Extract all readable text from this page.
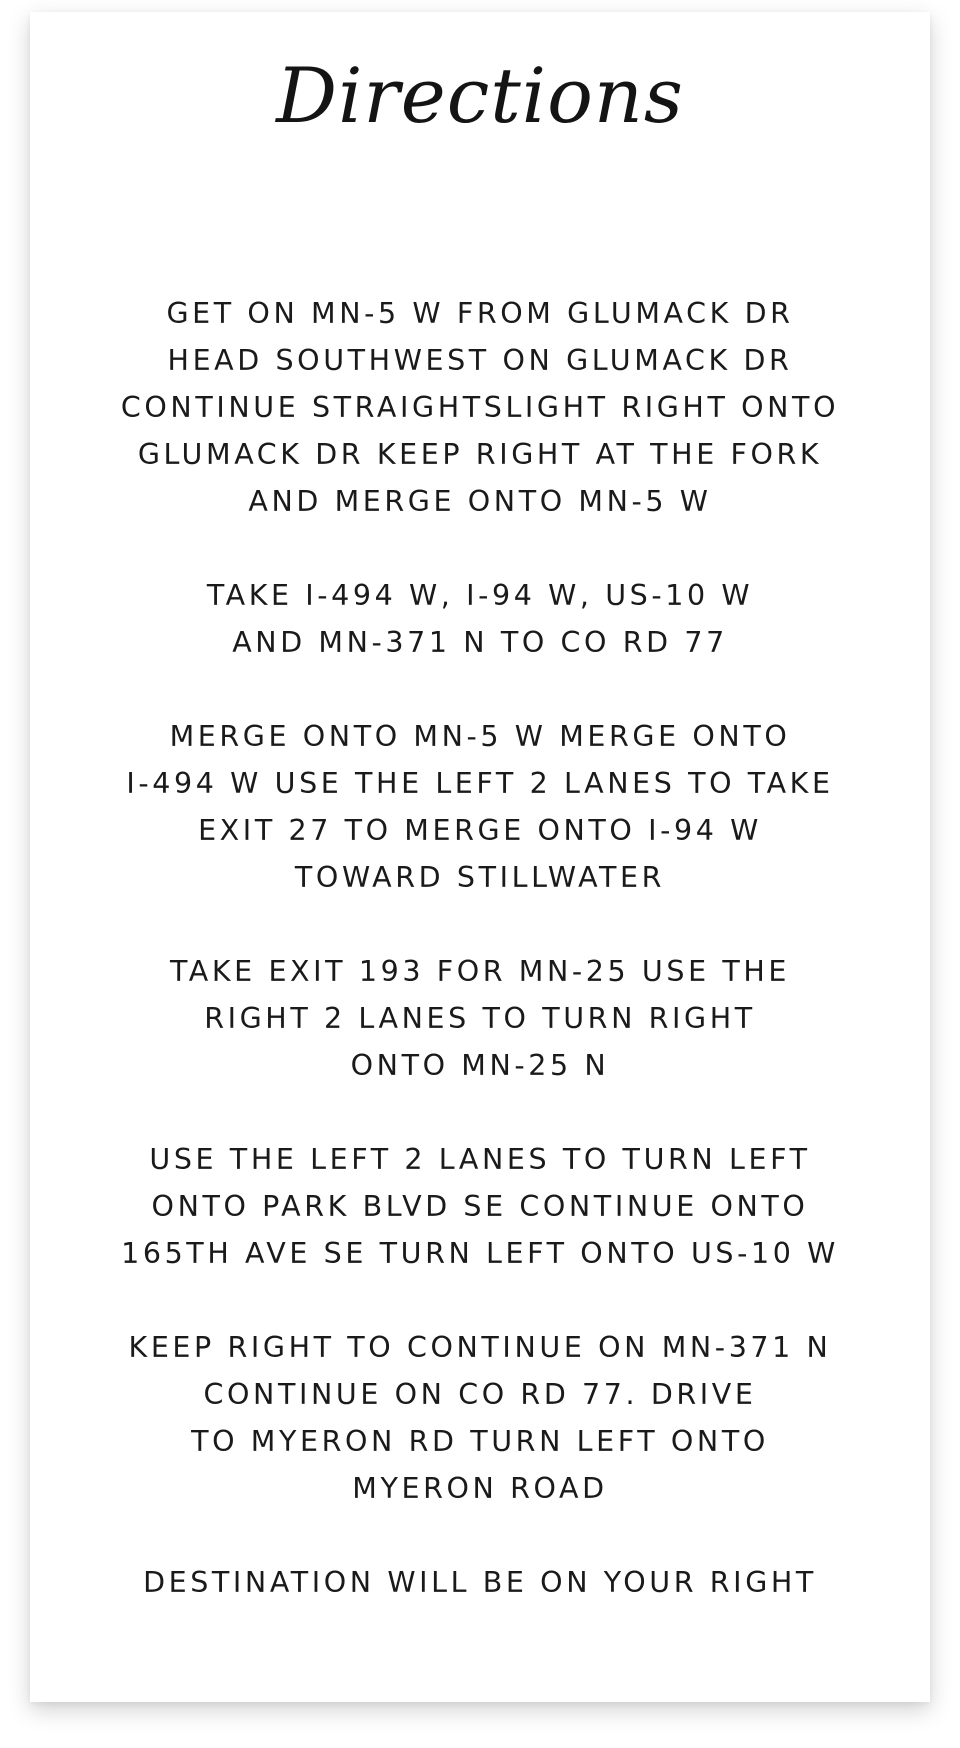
Directions
GET ON MN-5 W FROM GLUMACK DR
HEAD SOUTHWEST ON GLUMACK DR
CONTINUE STRAIGHTSLIGHT RIGHT ONTO
GLUMACK DR KEEP RIGHT AT THE FORK
AND MERGE ONTO MN-5 W
TAKE I-494 W, I-94 W, US-10 W
AND MN-371 N TO CO RD 77
MERGE ONTO MN-5 W MERGE ONTO
I-494 W USE THE LEFT 2 LANES TO TAKE
EXIT 27 TO MERGE ONTO I-94 W
TOWARD STILLWATER
TAKE EXIT 193 FOR MN-25 USE THE
RIGHT 2 LANES TO TURN RIGHT
ONTO MN-25 N
USE THE LEFT 2 LANES TO TURN LEFT
ONTO PARK BLVD SE CONTINUE ONTO
165TH AVE SE TURN LEFT ONTO US-10 W
KEEP RIGHT TO CONTINUE ON MN-371 N
CONTINUE ON CO RD 77. DRIVE
TO MYERON RD TURN LEFT ONTO
MYERON ROAD
DESTINATION WILL BE ON YOUR RIGHT
